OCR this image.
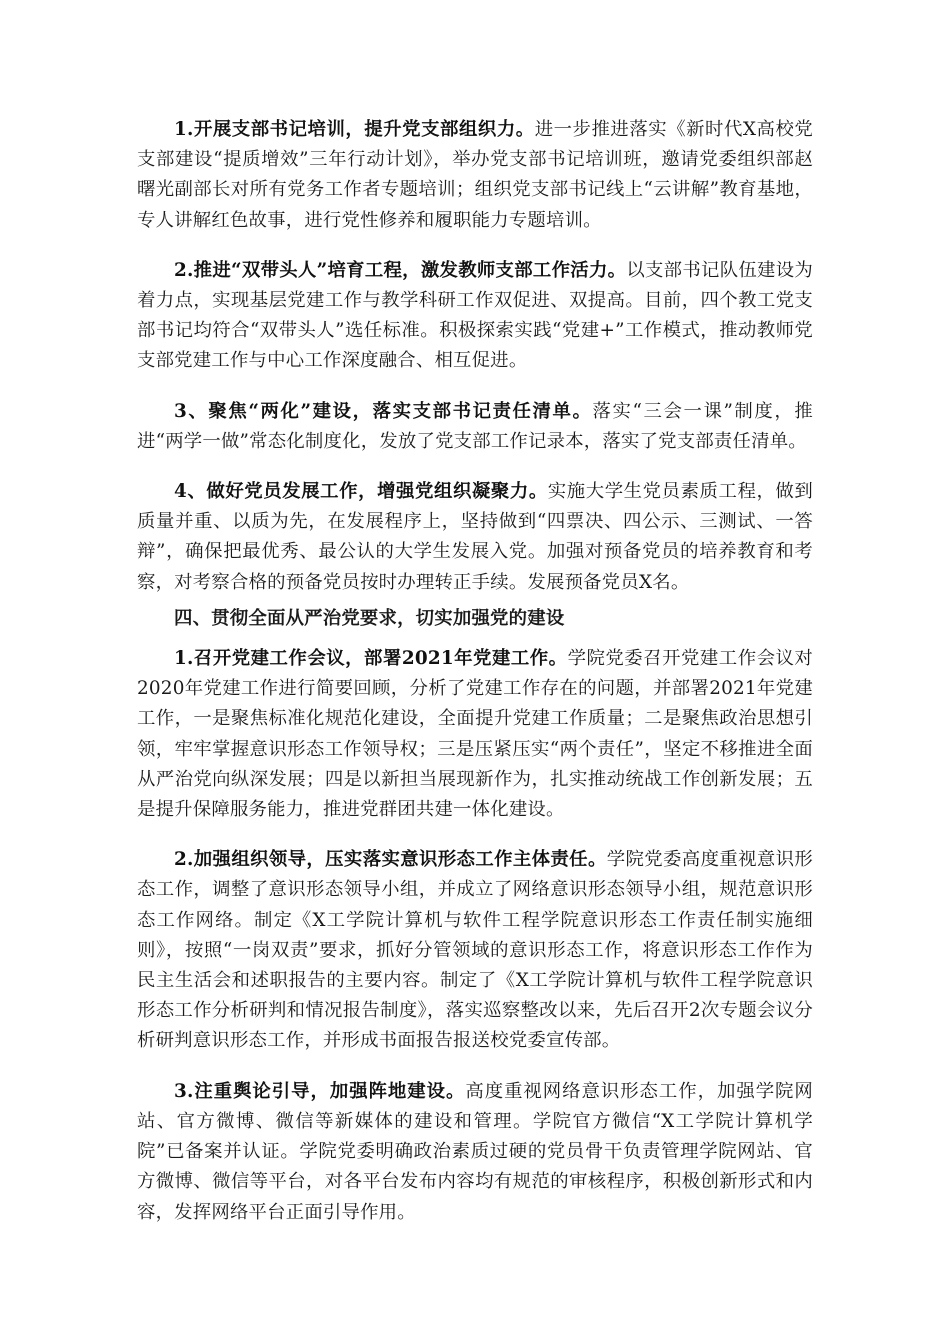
1.开展支部书记培训，提升党支部组织力。进一步推进落实《新时代X高校党支部建设“提质增效”三年行动计划》，举办党支部书记培训班，邀请党委组织部赵曙光副部长对所有党务工作者专题培训；组织党支部书记线上“云讲解”教育基地，专人讲解红色故事，进行党性修养和履职能力专题培训。

2.推进“双带头人”培育工程，激发教师支部工作活力。以支部书记队伍建设为着力点，实现基层党建工作与教学科研工作双促进、双提高。目前，四个教工党支部书记均符合“双带头人”选任标准。积极探索实践“党建+”工作模式，推动教师党支部党建工作与中心工作深度融合、相互促进。

3、聚焦“两化”建设，落实支部书记责任清单。落实“三会一课”制度，推进“两学一做”常态化制度化，发放了党支部工作记录本，落实了党支部责任清单。

4、做好党员发展工作，增强党组织凝聚力。实施大学生党员素质工程，做到质量并重、以质为先，在发展程序上，坚持做到“四票决、四公示、三测试、一答辩”，确保把最优秀、最公认的大学生发展入党。加强对预备党员的培养教育和考察，对考察合格的预备党员按时办理转正手续。发展预备党员X名。

四、贯彻全面从严治党要求，切实加强党的建设

1.召开党建工作会议，部署2021年党建工作。学院党委召开党建工作会议对2020年党建工作进行简要回顾，分析了党建工作存在的问题，并部署2021年党建工作，一是聚焦标准化规范化建设，全面提升党建工作质量；二是聚焦政治思想引领，牢牢掌握意识形态工作领导权；三是压紧压实“两个责任”，坚定不移推进全面从严治党向纵深发展；四是以新担当展现新作为，扎实推动统战工作创新发展；五是提升保障服务能力，推进党群团共建一体化建设。

2.加强组织领导，压实落实意识形态工作主体责任。学院党委高度重视意识形态工作，调整了意识形态领导小组，并成立了网络意识形态领导小组，规范意识形态工作网络。制定《X工学院计算机与软件工程学院意识形态工作责任制实施细则》，按照“一岗双责”要求，抓好分管领域的意识形态工作，将意识形态工作作为民主生活会和述职报告的主要内容。制定了《X工学院计算机与软件工程学院意识形态工作分析研判和情况报告制度》，落实巡察整改以来，先后召开2次专题会议分析研判意识形态工作，并形成书面报告报送校党委宣传部。

3.注重舆论引导，加强阵地建设。高度重视网络意识形态工作，加强学院网站、官方微博、微信等新媒体的建设和管理。学院官方微信“X工学院计算机学院”已备案并认证。学院党委明确政治素质过硬的党员骨干负责管理学院网站、官方微博、微信等平台，对各平台发布内容均有规范的审核程序，积极创新形式和内容，发挥网络平台正面引导作用。
